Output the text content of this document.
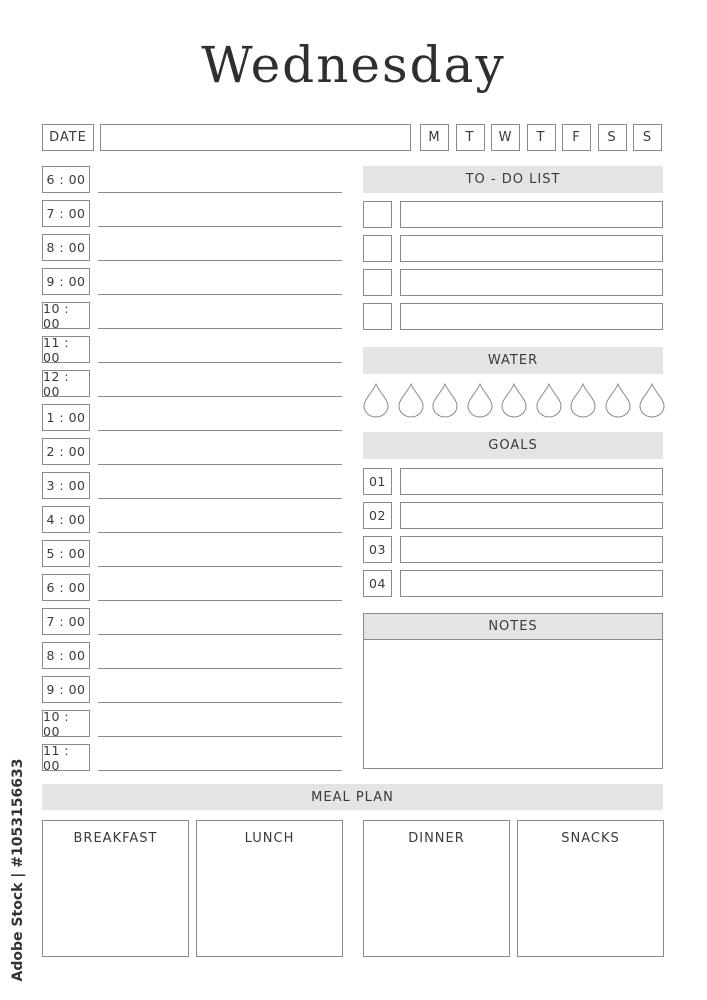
Wednesday
DATE	M	T	W	T	F	S	S
6 : 00
7 : 00
8 : 00
9 : 00
10 : 00
11 : 00
12 : 00
1 : 00
2 : 00
3 : 00
4 : 00
5 : 00
6 : 00
7 : 00
8 : 00
9 : 00
10 : 00
11 : 00
TO - DO LIST
WATER
GOALS
01
02
03
04
NOTES
MEAL PLAN
BREAKFAST	LUNCH	DINNER	SNACKS
Adobe Stock | #1053156633
